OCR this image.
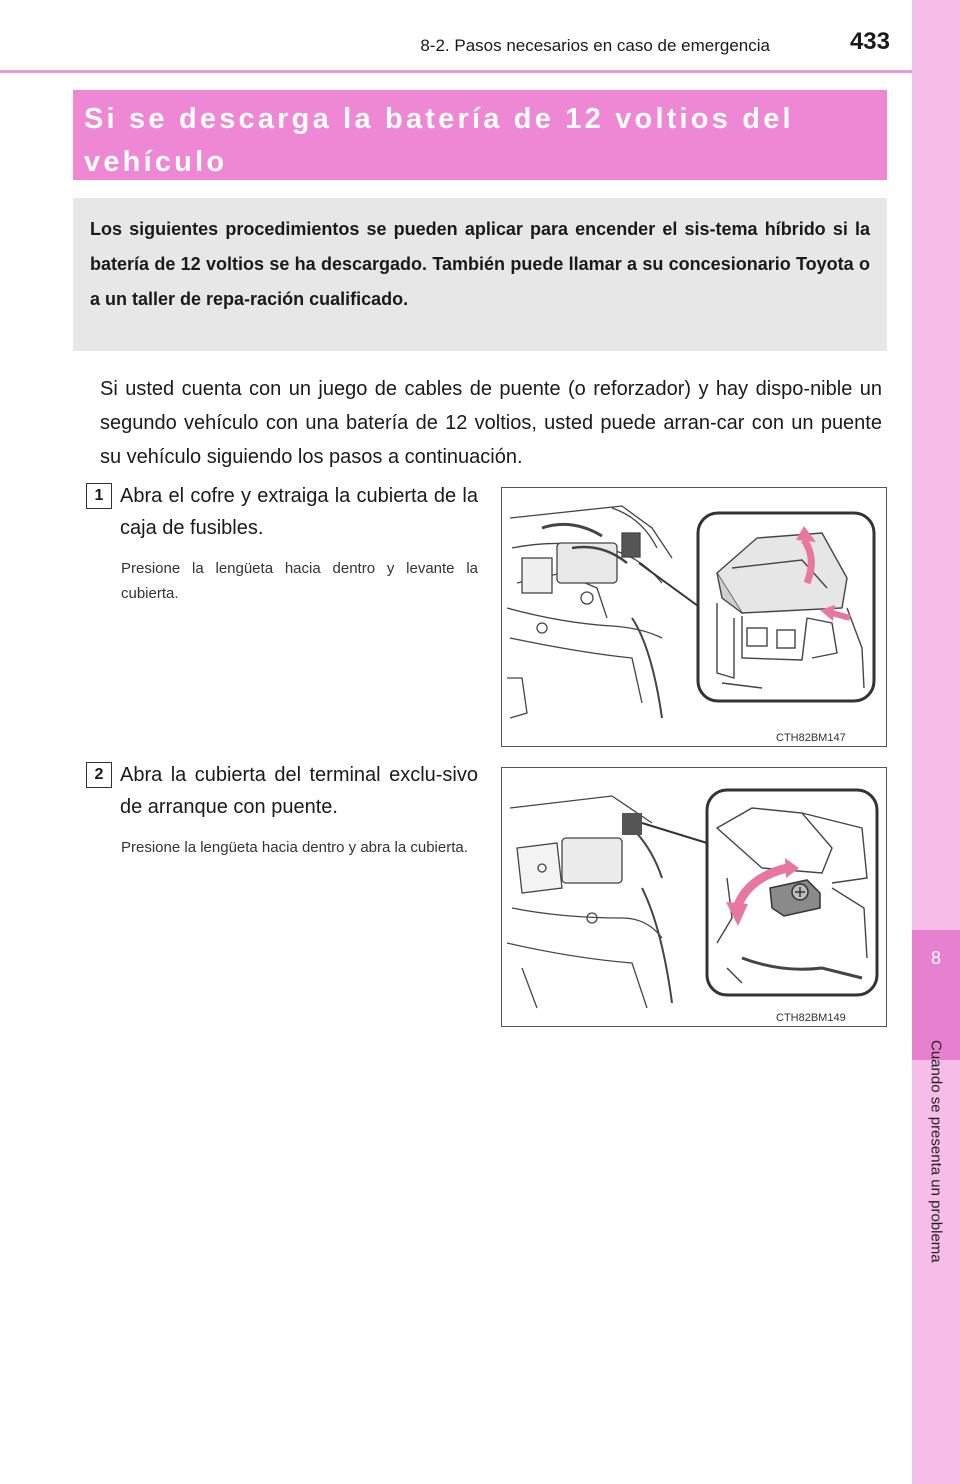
8
Cuando se presenta un problema
8-2. Pasos necesarios en caso de emergencia	433
Si se descarga la batería de 12 voltios del vehículo
Los siguientes procedimientos se pueden aplicar para encender el sis-tema híbrido si la batería de 12 voltios se ha descargado. También puede llamar a su concesionario Toyota o a un taller de repa-ración cualificado.
Si usted cuenta con un juego de cables de puente (o reforzador) y hay dispo-nible un segundo vehículo con una batería de 12 voltios, usted puede arran-car con un puente su vehículo siguiendo los pasos a continuación.
1 Abra el cofre y extraiga la cubierta de la caja de fusibles.
Presione la lengüeta hacia dentro y levante la cubierta.
CTH82BM147
2 Abra la cubierta del terminal exclu-sivo de arranque con puente.
Presione la lengüeta hacia dentro y abra la cubierta.
CTH82BM149
